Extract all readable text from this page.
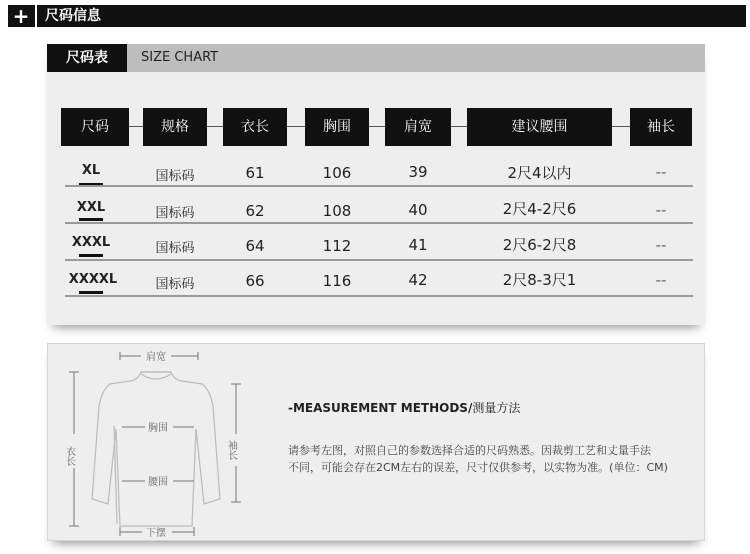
+	尺码信息
尺码表	SIZE CHART
尺码	规格	衣长	胸围	肩宽	建议腰围	袖长
XL	国标码	61	106	39	2尺4以内	--
XXL	国标码	62	108	40	2尺4-2尺6	--
XXXL	国标码	64	112	41	2尺6-2尺8	--
XXXXL	国标码	66	116	42	2尺8-3尺1	--
肩宽
胸围
腰围
下摆
衣长	袖长
-MEASUREMENT METHODS/测量方法
请参考左图，对照自己的参数选择合适的尺码熟悉。因裁剪工艺和丈量手法
不同，可能会存在2CM左右的误差，尺寸仅供参考，以实物为准。(单位：CM)
